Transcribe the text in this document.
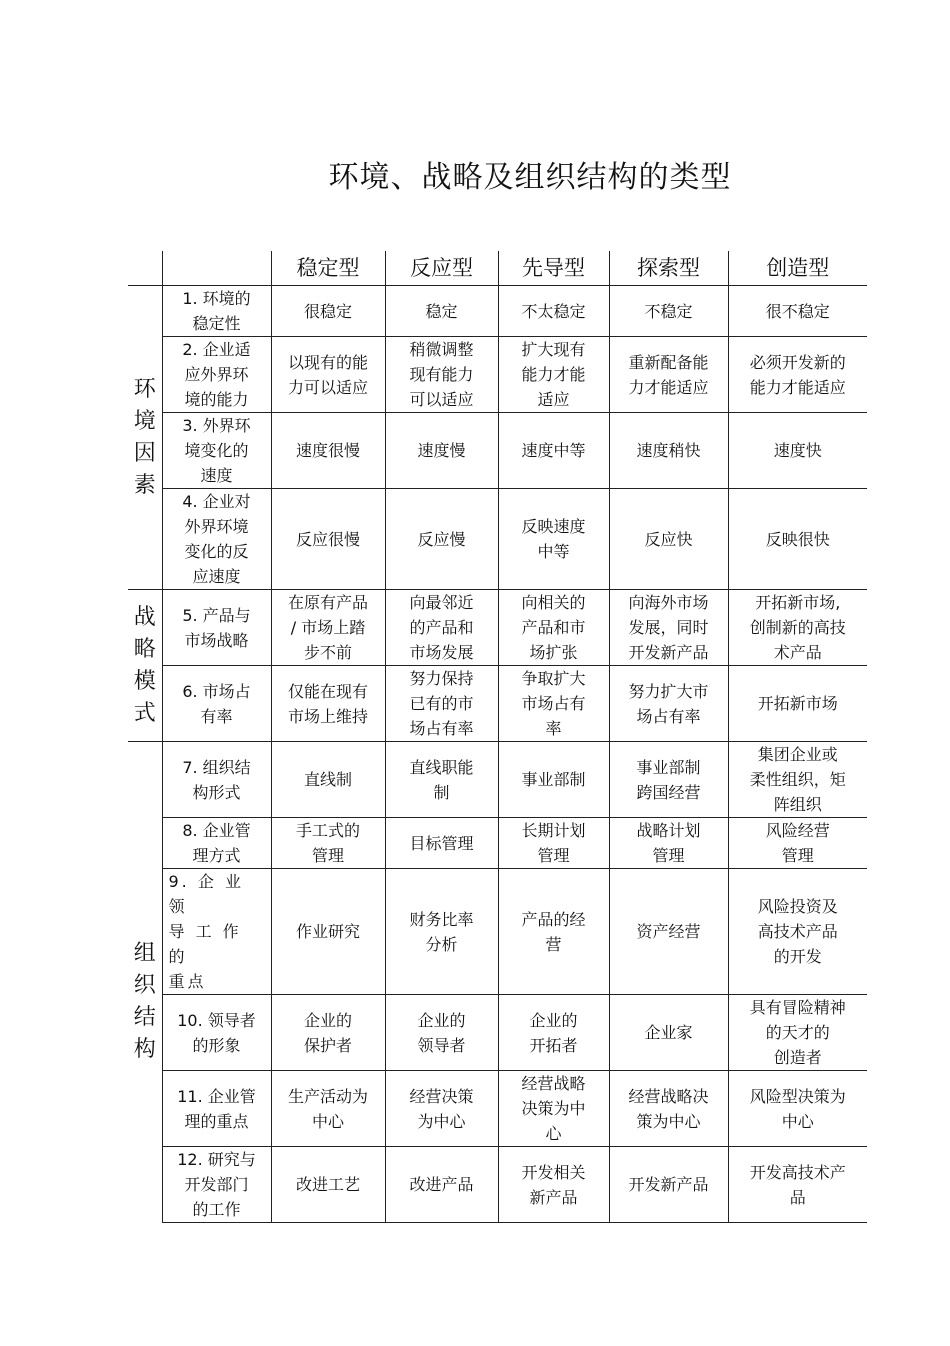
环境、战略及组织结构的类型
		稳定型	反应型	先导型	探索型	创造型

环
境
因
素	1. 环境的
稳定性	很稳定	稳定	不太稳定	不稳定	很不稳定
	2. 企业适
应外界环
境的能力	以现有的能
力可以适应	稍微调整
现有能力
可以适应	扩大现有
能力才能
适应	重新配备能
力才能适应	必须开发新的
能力才能适应
	3. 外界环
境变化的
速度	速度很慢	速度慢	速度中等	速度稍快	速度快
	4. 企业对
外界环境
变化的反
应速度	反应很慢	反应慢	反映速度
中等	反应快	反映很快

战
略
模
式	5. 产品与
市场战略	在原有产品
/ 市场上踏
步不前	向最邻近
的产品和
市场发展	向相关的
产品和市
场扩张	向海外市场
发展，同时
开发新产品	开拓新市场,
创制新的高技
术产品
	6. 市场占
有率	仅能在现有
市场上维持	努力保持
已有的市
场占有率	争取扩大
市场占有
率	努力扩大市
场占有率	开拓新市场

组
织
结
构	7. 组织结
构形式	直线制	直线职能
制	事业部制	事业部制
跨国经营	集团企业或
柔性组织，矩
阵组织
	8. 企业管
理方式	手工式的
管理	目标管理	长期计划
管理	战略计划
管理	风险经营
管理
	9. 企 业 领
导 工 作 的
重点	作业研究	财务比率
分析	产品的经
营	资产经营	风险投资及
高技术产品
的开发
	10. 领导者
的形象	企业的
保护者	企业的
领导者	企业的
开拓者	企业家	具有冒险精神
的天才的
创造者
	11. 企业管
理的重点	生产活动为
中心	经营决策
为中心	经营战略
决策为中
心	经营战略决
策为中心	风险型决策为
中心
	12. 研究与
开发部门
的工作	改进工艺	改进产品	开发相关
新产品	开发新产品	开发高技术产
品
